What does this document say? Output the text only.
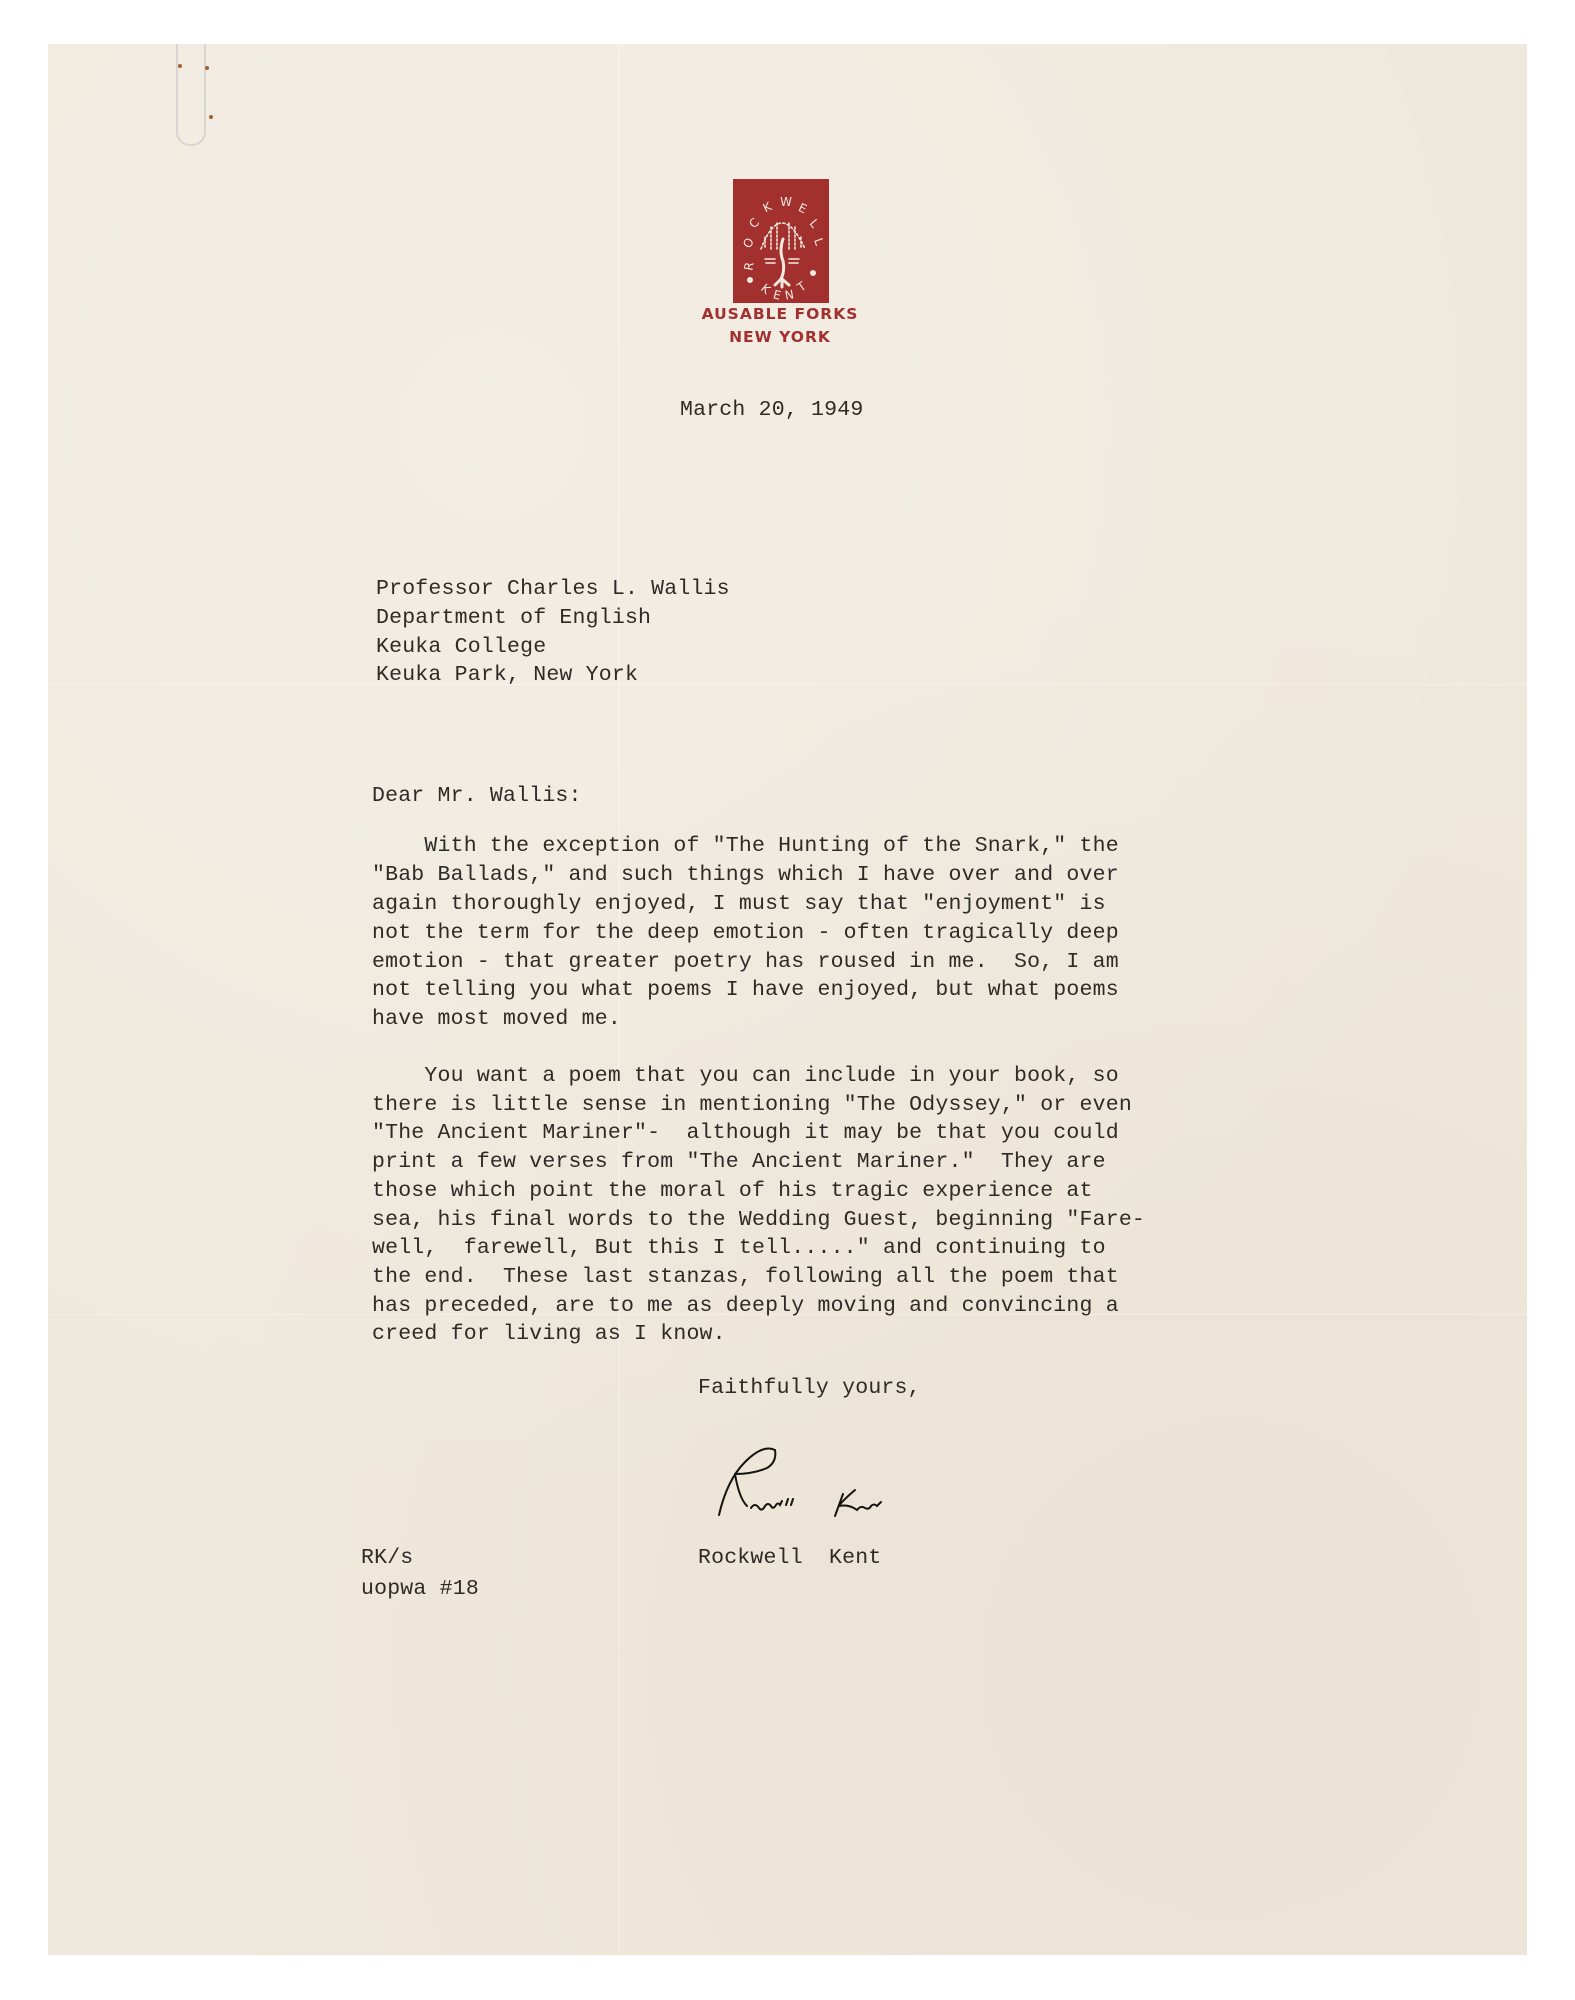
R
O
C
K W E
L
L
K
E N
T
AUSABLE FORKS
NEW YORK
March 20, 1949
Professor Charles L. Wallis
Department of English
Keuka College
Keuka Park, New York
Dear Mr. Wallis:
With the exception of "The Hunting of the Snark," the
"Bab Ballads," and such things which I have over and over
again thoroughly enjoyed, I must say that "enjoyment" is
not the term for the deep emotion - often tragically deep
emotion - that greater poetry has roused in me.  So, I am
not telling you what poems I have enjoyed, but what poems
have most moved me.
You want a poem that you can include in your book, so
there is little sense in mentioning "The Odyssey," or even
"The Ancient Mariner"-  although it may be that you could
print a few verses from "The Ancient Mariner."  They are
those which point the moral of his tragic experience at
sea, his final words to the Wedding Guest, beginning "Fare-
well,  farewell, But this I tell....." and continuing to
the end.  These last stanzas, following all the poem that
has preceded, are to me as deeply moving and convincing a
creed for living as I know.
Faithfully yours,
Rockwell  Kent
RK/s
uopwa #18
